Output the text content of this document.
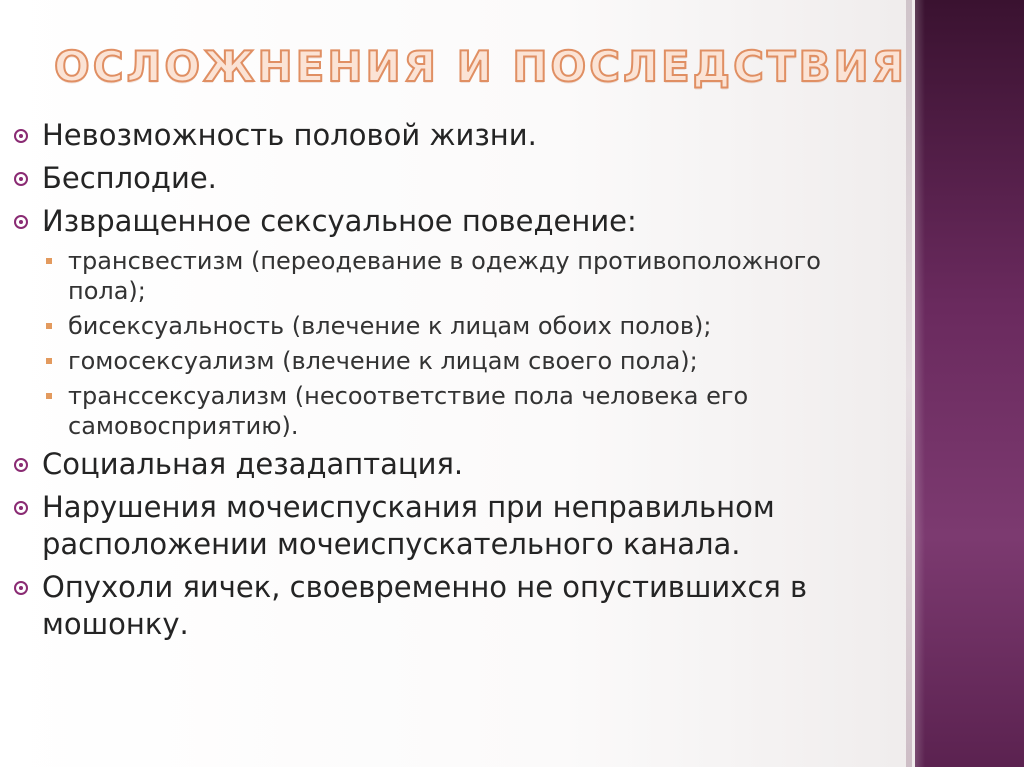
ОСЛОЖНЕНИЯ И ПОСЛЕДСТВИЯ
Невозможность половой жизни.
Бесплодие.
Извращенное сексуальное поведение:
трансвестизм (переодевание в одежду противоположного пола);
бисексуальность (влечение к лицам обоих полов);
гомосексуализм (влечение к лицам своего пола);
транссексуализм (несоответствие пола человека его самовосприятию).
Социальная дезадаптация.
Нарушения мочеиспускания при неправильном расположении мочеиспускательного канала.
Опухоли яичек, своевременно не опустившихся в мошонку.
